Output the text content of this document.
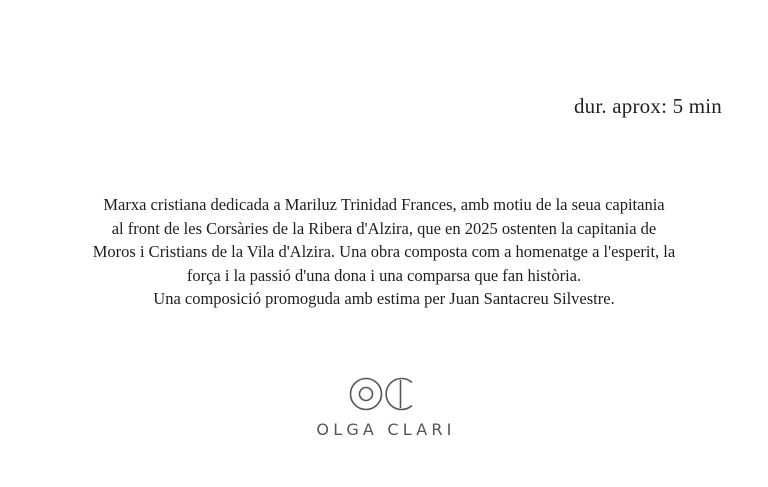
dur. aprox: 5 min
Marxa cristiana dedicada a Mariluz Trinidad Frances, amb motiu de la seua capitania
al front de les Corsàries de la Ribera d'Alzira, que en 2025 ostenten la capitania de
Moros i Cristians de la Vila d'Alzira. Una obra composta com a homenatge a l'esperit, la
força i la passió d'una dona i una comparsa que fan història.
Una composició promoguda amb estima per Juan Santacreu Silvestre.
OLGA CLARI
